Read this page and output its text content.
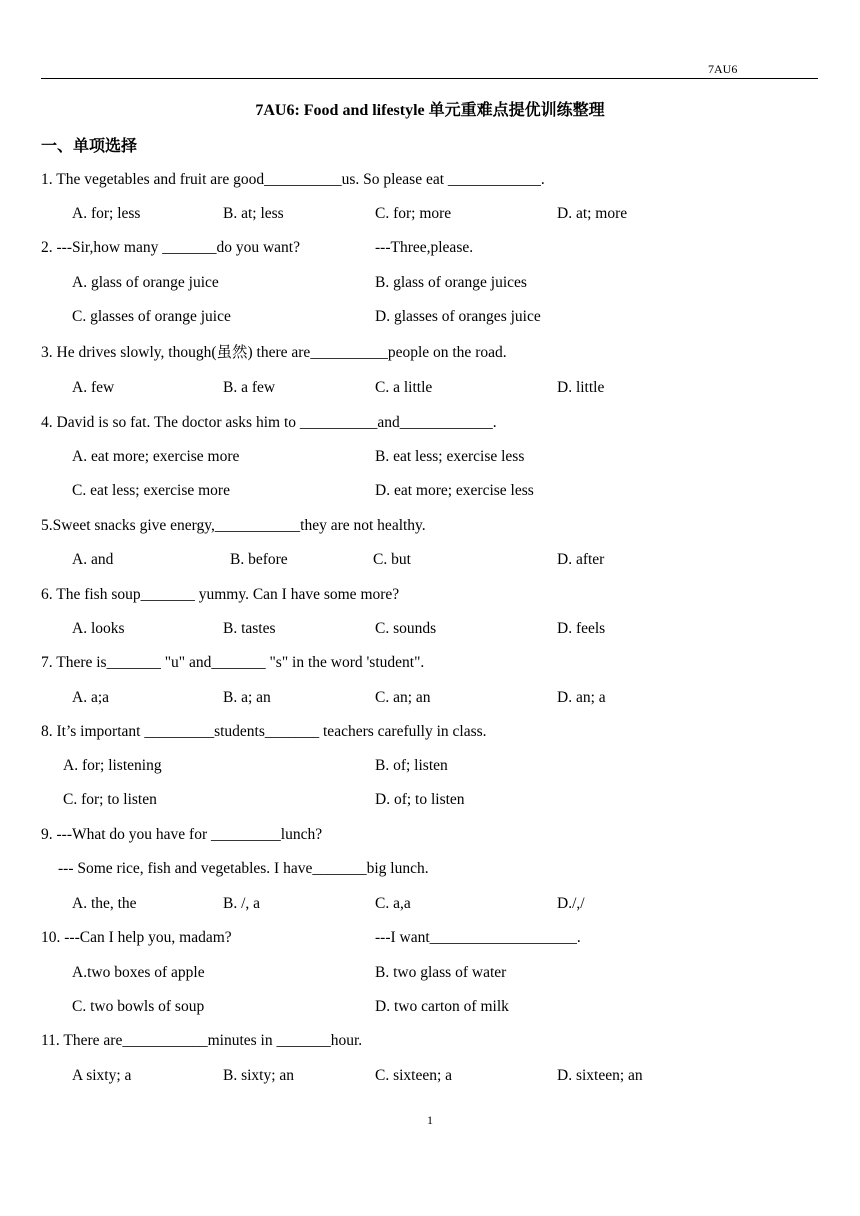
7AU6
7AU6: Food and lifestyle 单元重难点提优训练整理
一、单项选择
1. The vegetables and fruit are good__________us. So please eat ____________.
A. for; less	B. at; less	C. for; more	D. at; more
2. ---Sir,how many _______do you want?	---Three,please.
A. glass of orange juice	B. glass of orange juices
C. glasses of orange juice	D. glasses of oranges juice
3. He drives slowly, though(虽然) there are__________people on the road.
A. few	B. a few	C. a little	D. little
4. David is so fat. The doctor asks him to __________and____________.
A. eat more; exercise more	B. eat less; exercise less
C. eat less; exercise more	D. eat more; exercise less
5.Sweet snacks give energy,___________they are not healthy.
A. and	B. before	C. but	D. after
6. The fish soup_______ yummy. Can I have some more?
A. looks	B. tastes	C. sounds	D. feels
7. There is_______ "u" and_______ "s" in the word 'student".
A. a;a	B. a; an	C. an; an	D. an; a
8. It’s important _________students_______ teachers carefully in class.
A. for; listening	B. of; listen
C. for; to listen	D. of; to listen
9. ---What do you have for _________lunch?
--- Some rice, fish and vegetables. I have_______big lunch.
A. the, the	B. /, a	C. a,a	D./,/
10. ---Can I help you, madam?	---I want___________________.
A.two boxes of apple	B. two glass of water
C. two bowls of soup	D. two carton of milk
11. There are___________minutes in _______hour.
A sixty; a	B. sixty; an	C. sixteen; a	D. sixteen; an
1
